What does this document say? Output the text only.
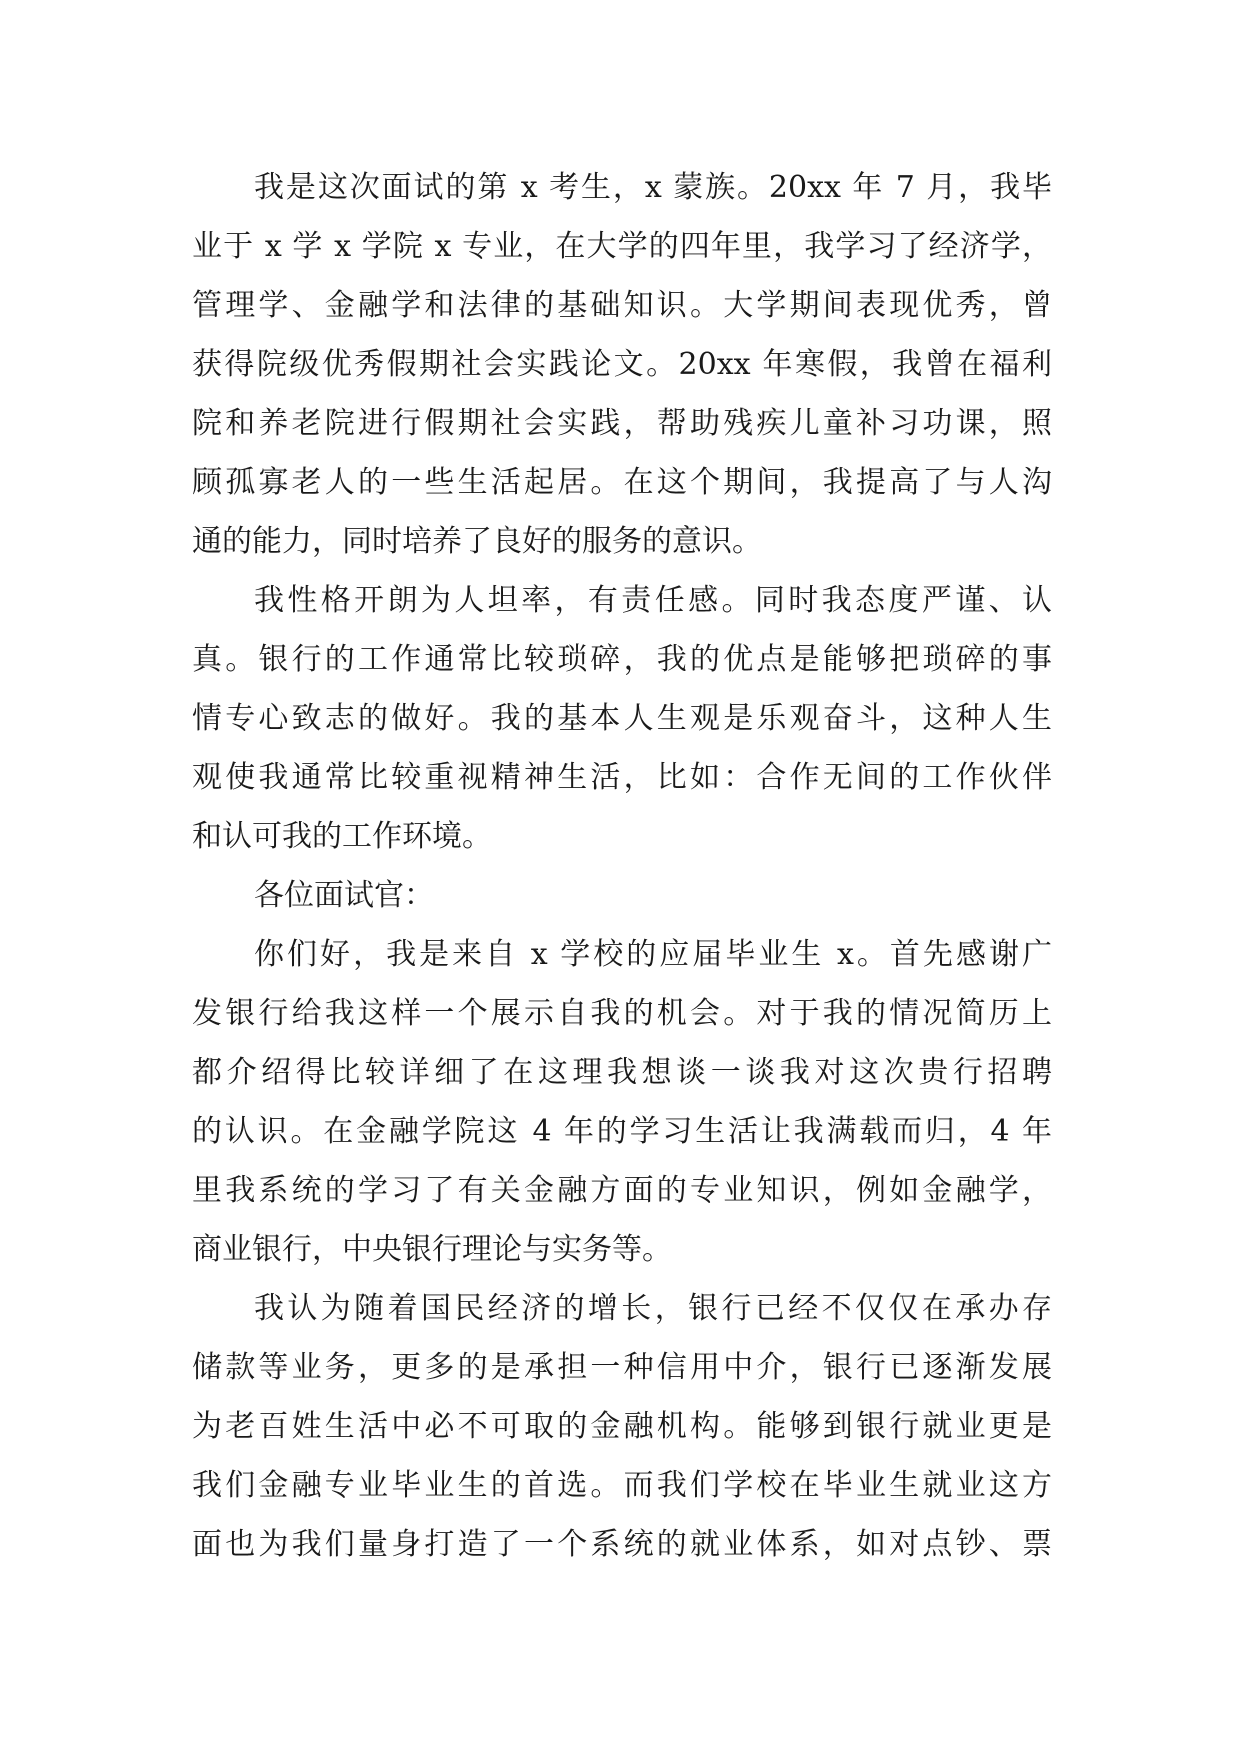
我是这次面试的第 x 考生，x 蒙族。20xx 年 7 月，我毕
业于 x 学 x 学院 x 专业，在大学的四年里，我学习了经济学，
管理学、金融学和法律的基础知识。大学期间表现优秀，曾
获得院级优秀假期社会实践论文。20xx 年寒假，我曾在福利
院和养老院进行假期社会实践，帮助残疾儿童补习功课，照
顾孤寡老人的一些生活起居。在这个期间，我提高了与人沟
通的能力，同时培养了良好的服务的意识。
我性格开朗为人坦率，有责任感。同时我态度严谨、认
真。银行的工作通常比较琐碎，我的优点是能够把琐碎的事
情专心致志的做好。我的基本人生观是乐观奋斗，这种人生
观使我通常比较重视精神生活，比如：合作无间的工作伙伴
和认可我的工作环境。
各位面试官：
你们好，我是来自 x 学校的应届毕业生 x。首先感谢广
发银行给我这样一个展示自我的机会。对于我的情况简历上
都介绍得比较详细了在这理我想谈一谈我对这次贵行招聘
的认识。在金融学院这 4 年的学习生活让我满载而归，4 年
里我系统的学习了有关金融方面的专业知识，例如金融学，
商业银行，中央银行理论与实务等。
我认为随着国民经济的增长，银行已经不仅仅在承办存
储款等业务，更多的是承担一种信用中介，银行已逐渐发展
为老百姓生活中必不可取的金融机构。能够到银行就业更是
我们金融专业毕业生的首选。而我们学校在毕业生就业这方
面也为我们量身打造了一个系统的就业体系，如对点钞、票
